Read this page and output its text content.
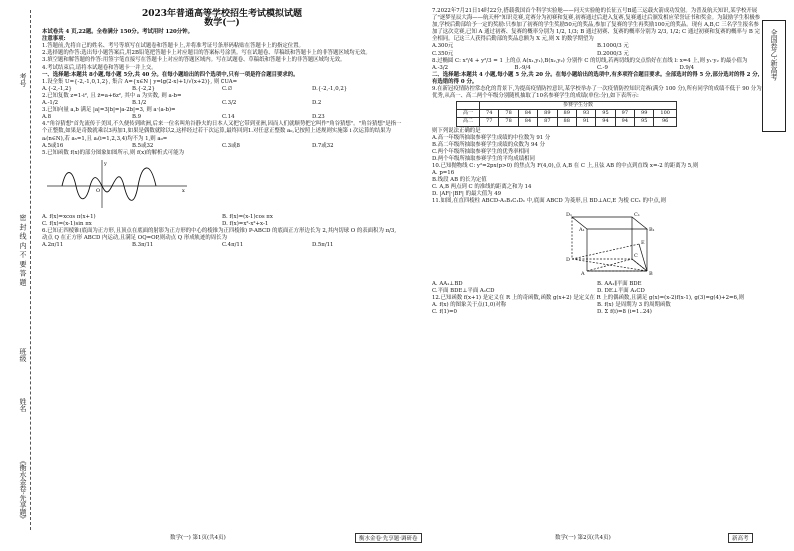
《衡水金卷·先享题》
姓名
密 封 线 内 不 要 答 题
班级
考号	全国卷乙·新高考
2023年普通高等学校招生考试模拟试题
数学(一)

本试卷共 4 页,22题。全卷满分 150分。考试用时 120分钟。

注意事项:

1.答题前,先将自己的姓名、考号等填写在试题卷和答题卡上,并将准考证号条形码粘贴在答题卡上的指定位置。

2.选择题的作答:选出每小题答案后,用2B铅笔把答题卡上对应题目的答案标号涂黑。写在试题卷、草稿纸和答题卡上的非答题区域均无效。

3.填空题和解答题的作答:用签字笔直接写在答题卡上对应的答题区域内。写在试题卷、草稿纸和答题卡上的非答题区域均无效。

4.考试结束后,请将本试题卷和答题卡一并上交。

一、选择题:本题共 8小题,每小题 5分,共 40 分。在每小题给出的四个选项中,只有一项是符合题目要求的。

1.设全集 U={-2,-1,0,1,2}, 集合 A={x∈N | y=lg(2-x)+1/√(x+2)}, 则 ∁UA=

A.{-2,-1,2}	B.{-2,2}	C.∅	D.{-2,-1,0,2}

2.已知复数 z=1-i², 且 z̄=a+6z², 其中 a 为实数, 则 a-b=

A.-1/2	B.1/2	C.3/2	D.2

3.已知向量 a,b 满足 |a|=3|b|=|a-2b|=3, 则 a·(a-b)=

A.8	B.9	C.14	D.23

4."角谷猜想"首先流传于美国,不久便传到欧洲,后来一位名叫角谷静夫的日本人又把它带到亚洲,因而人们就顺势把它叫作"角谷猜想"。"角谷猜想"是指一个正整数,如果是奇数就乘以3再加1,如果是偶数就除以2,这样经过若干次运算,最终回到1.对任意正整数 a₀,记按照上述规则实施第 i 次运算的结果为 aᵢ(n∈N),若 a₅=1,且 aᵢ(i=1,2,3,4)均不为 1,则 a₀=

A.5或16	B.5或32	C.3或8	D.7或32

5.已知函数 f(x)的部分图象如图所示,则 f(x)的解析式可能为

y
x
O
A. f(x)=xcos π(x+1)	B. f(x)=(x-1)cos πx
C. f(x)=(x-1)sin πx	D. f(x)=x²-x²+x-1

6.已知正四棱锥(底面为正方形,且顶点在底面的射影为正方形的中心的棱锥为正四棱锥) P-ABCD 的底面正方形边长为 2,其内切球 O 的表面积为 π/3, 动点 Q 在正方形 ABCD 内运动,且满足 OQ=OP,则动点 Q 形成轨迹的周长为

A.2π/11	B.3π/11	C.4π/11	D.5π/11

7.2022年7月21日14时22分,搭载我国首个科学实验舱——问天实验舱的长征五号B遥三运载火箭成功发射。为普及航天知识,某学校开展了"逐梦星辰大海——航天杯"知识竞赛,竞赛分为初赛和复赛,初赛通过后进入复赛,复赛通过后颁发相应荣誉证书和奖金。为鼓励学生积极参加,学校后勤部给予一定的奖励:只参加了初赛的学生奖励50元的奖品,参加了复赛的学生再奖励100元的奖品。现有 A,B,C 三名学生报名参加了这次竞赛,已知 A 通过初赛、复赛的概率分别为 1/2, 1/3; B 通过初赛、复赛的概率分别为 2/3, 1/2; C 通过初赛和复赛的概率与 B 完全相同。记这三人获得后勤部的奖品总额为 X 元,则 X 的数学期望为

A.300元	B.1000/3 元
C.350元	D.2000/3 元

8.过椭圆 C: x²/4 + y²/3 = 1 上的点 A(x₁,y₁),B(x₂,y₂) 分别作 C 的切线,若两切线的交点恰好在直线 l: x=4 上,则 y₁·y₂ 的最小值为

A.-3/2	B.-9/4	C.-9	D.9/4

二、选择题:本题共 4 小题,每小题 5 分,共 20 分。在每小题给出的选项中,有多项符合题目要求。全部选对的得 5 分,部分选对的得 2 分,有选错的得 0 分。

9.在新冠疫情防控常态化的背景下,为提高疫情防控意识,某学校举办了一次疫情防控知识竞赛(满分 100 分),所有同学的成绩不低于 90 分为优秀,从高一、高二两个年级分别随机抽取了10名参赛学生的成绩(单位:分),如下表所示:

	参赛学生分数									
高一	74	78	84	89	89	93	95	97	99	100
高二	77	78	84	87	88	91	94	94	95	96

则下列说法正确的是

A.高一年级所抽取参赛学生成绩的中位数为 91 分

B.高二年级所抽取参赛学生成绩的众数为 94 分

C.两个年级所抽取参赛学生的优秀率相同

D.两个年级所抽取参赛学生的平均成绩相同

10.已知抛物线 C: y²=2px(p>0) 的焦点为 F(4,0),点 A,B 在 C 上,且弦 AB 的中点到直线 x=-2 的距离为 5,则

A. p=16

B.线段 AB 的长为定值

C. A,B 两点到 C 的准线的距离之和为 14

D. |AF|·|BF| 的最大值为 49

11.如图,在直四棱柱 ABCD-A₁B₁C₁D₁ 中,底面 ABCD 为菱形,且 BD⊥AC,E 为棱 CC₁ 的中点,则

D₁	C₁
A₁	B₁
D
C
A	B
E
A. AA₁⊥BD	B. AA₁∥平面 BDE
C.平面 BDE⊥平面 A₁CD	D. DE⊥平面 A₁CD

12.已知函数 f(x+1) 是定义在 R 上的奇函数,函数 g(x+2) 是定义在 R 上的偶函数,且满足 g(x)=(x-2)f(x-1), g(3)=g(4)+2=6,则

A. f(x) 的图象关于点(1,0)对称	B. f(x) 是周期为 3 的周期函数
C. f(1)=0	D. Σ f(i)=8 (i=1..24)
数学(一) 第1页(共4页)	衡水金卷·先享题·调研卷	数学(一) 第2页(共4页)	新高考
